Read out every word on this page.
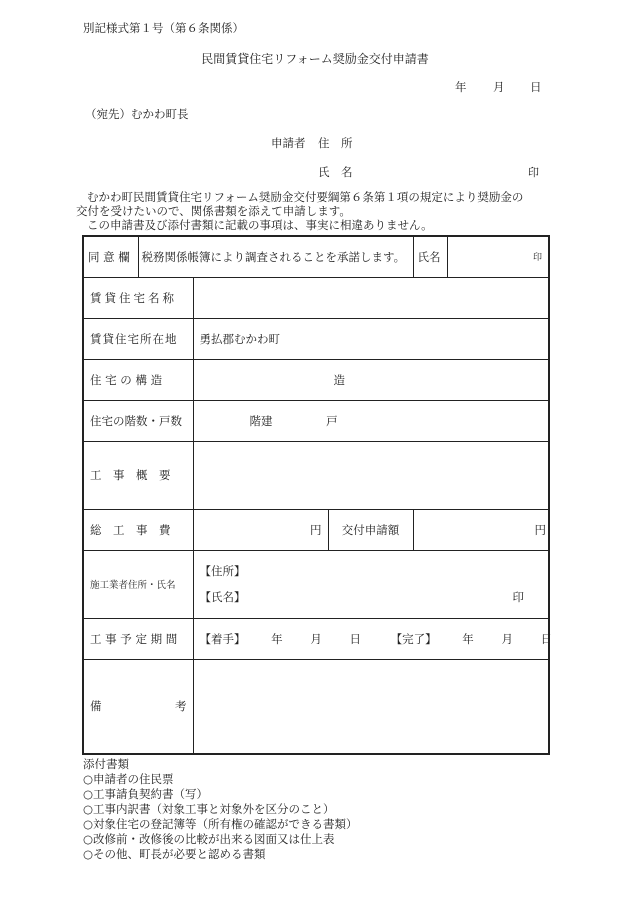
別記様式第１号（第６条関係）
民間賃貸住宅リフォーム奨励金交付申請書
年 月 日
（宛先）むかわ町長
申請者 住　所
氏　名	印

むかわ町民間賃貸住宅リフォーム奨励金交付要綱第６条第１項の規定により奨励金の

交付を受けたいので、関係書類を添えて申請します。

この申請書及び添付書類に記載の事項は、事実に相違ありません。

同 意 欄	税務関係帳簿により調査されることを承諾します。			氏名	印
賃貸住宅名称					
賃貸住宅所在地		勇払郡むかわ町			
住 宅 の 構 造		造			
住宅の階数・戸数		階建 戸			
工　事　概　要					
総　工　事　費		円	交付申請額	円	
施工業者住所・氏名		【住所】
【氏名】 印			

工 事 予 定 期 間		【着手】 年 月 日 【完了】 年 月 日			
備 考					

添付書類
○申請者の住民票
○工事請負契約書（写）
○工事内訳書（対象工事と対象外を区分のこと）
○対象住宅の登記簿等（所有権の確認ができる書類）
○改修前・改修後の比較が出来る図面又は仕上表
○その他、町長が必要と認める書類
